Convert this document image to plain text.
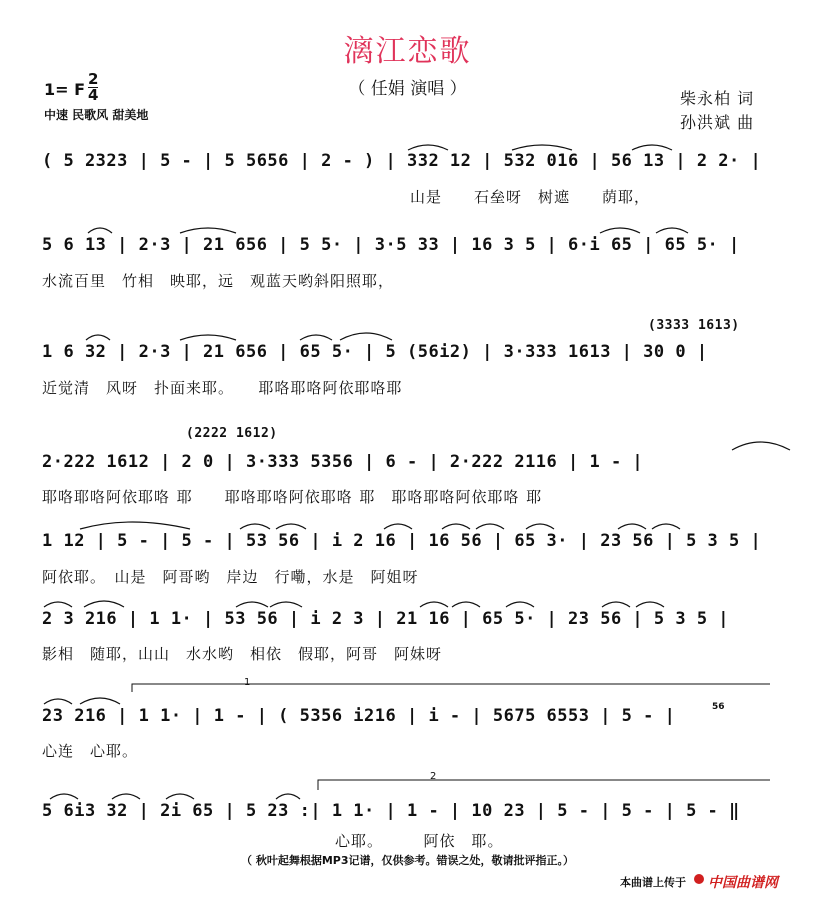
漓江恋歌
（ 任娟 演唱 ）
1= F
2
4
中速 民歌风 甜美地
柴永柏 词
孙洪斌 曲
( 5 2323 | 5 - | 5 5656 | 2 - ) | 332 12 | 532 016 | 56 13 | 2 2· |
山是　　石垒呀　树遮　　荫耶，
5 6 13 | 2·3 | 21 656 | 5 5· | 3·5 33 | 16 3 5 | 6·i 65 | 65 5· |
水流百里　竹相　映耶，远　观蓝天哟斜阳照耶，
1 6 32 | 2·3 | 21 656 | 65 5· | 5 (56i2) | 3·333 1613 | 30 0 |
近觉清　风呀　扑面来耶。　　耶咯耶咯阿依耶咯耶
2·222 1612 | 2 0 | 3·333 5356 | 6 - | 2·222 2116 | 1 - |
耶咯耶咯阿依耶咯 耶　　耶咯耶咯阿依耶咯 耶　耶咯耶咯阿依耶咯 耶
1 12 | 5 - | 5 - | 53 56 | i 2 16 | 16 56 | 65 3· | 23 56 | 5 3 5 |
阿依耶。　山是　阿哥哟　岸边　行嘞，水是　阿姐呀
2 3 216 | 1 1· | 53 56 | i 2 3 | 21 16 | 65 5· | 23 56 | 5 3 5 |
影相　随耶，山山　水水哟　相依　假耶，阿哥　阿妹呀
23 216 | 1 1· | 1 - | ( 5356 i216 | i - | 5675 6553 | 5 - |
心连　心耶。
5 6i3 32 | 2i 65 | 5 23 :| 1 1· | 1 - | 10 23 | 5 - | 5 - | 5 - ‖
心耶。　　　阿依　耶。
(3333 1613)
(2222 1612)
1
2
56
（ 秋叶起舞根据MP3记谱，仅供参考。错误之处，敬请批评指正。）
本曲谱上传于 中国曲谱网
